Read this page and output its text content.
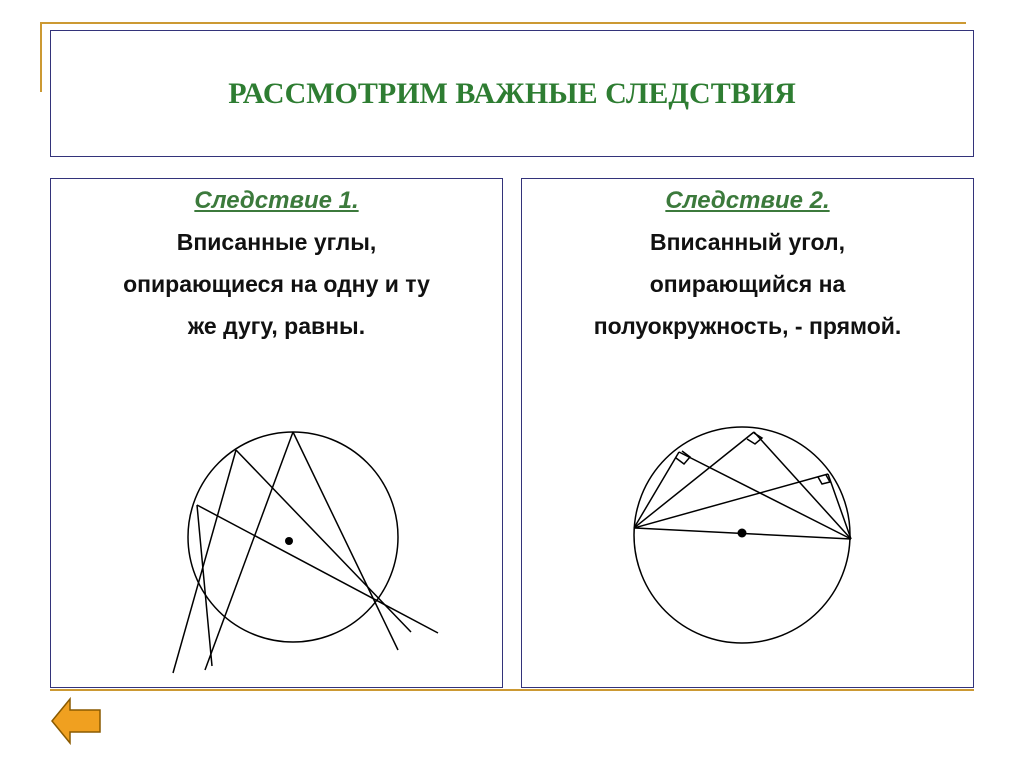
РАССМОТРИМ ВАЖНЫЕ СЛЕДСТВИЯ
Следствие 1.
Вписанные углы,
опирающиеся на одну и ту
же дугу, равны.
Следствие 2.
Вписанный угол,
опирающийся на
полуокружность, - прямой.
